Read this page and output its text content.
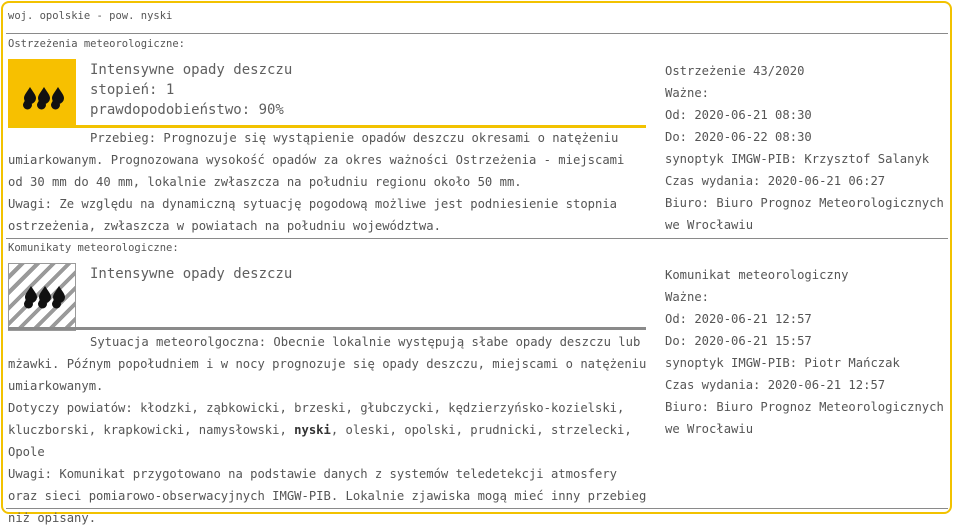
woj. opolskie - pow. nyski
Ostrzeżenia meteorologiczne:
Intensywne opady deszczu
stopień: 1
prawdopodobieństwo: 90%
Przebieg: Prognozuje się wystąpienie opadów deszczu okresami o natężeniu
umiarkowanym. Prognozowana wysokość opadów za okres ważności Ostrzeżenia - miejscami
od 30 mm do 40 mm, lokalnie zwłaszcza na południu regionu około 50 mm.
Uwagi: Ze względu na dynamiczną sytuację pogodową możliwe jest podniesienie stopnia
ostrzeżenia, zwłaszcza w powiatach na południu województwa.
Ostrzeżenie 43/2020
Ważne:
Od: 2020-06-21 08:30
Do: 2020-06-22 08:30
synoptyk IMGW-PIB: Krzysztof Salanyk
Czas wydania: 2020-06-21 06:27
Biuro: Biuro Prognoz Meteorologicznych
we Wrocławiu
Komunikaty meteorologiczne:
Intensywne opady deszczu
Sytuacja meteorolgoczna: Obecnie lokalnie występują słabe opady deszczu lub
mżawki. Późnym popołudniem i w nocy prognozuje się opady deszczu, miejscami o natężeniu
umiarkowanym.
Dotyczy powiatów: kłodzki, ząbkowicki, brzeski, głubczycki, kędzierzyńsko-kozielski,
kluczborski, krapkowicki, namysłowski, nyski, oleski, opolski, prudnicki, strzelecki, Opole
Uwagi: Komunikat przygotowano na podstawie danych z systemów teledetekcji atmosfery
oraz sieci pomiarowo-obserwacyjnych IMGW-PIB. Lokalnie zjawiska mogą mieć inny przebieg
niż opisany.
Komunikat meteorologiczny
Ważne:
Od: 2020-06-21 12:57
Do: 2020-06-21 15:57
synoptyk IMGW-PIB: Piotr Mańczak
Czas wydania: 2020-06-21 12:57
Biuro: Biuro Prognoz Meteorologicznych
we Wrocławiu
